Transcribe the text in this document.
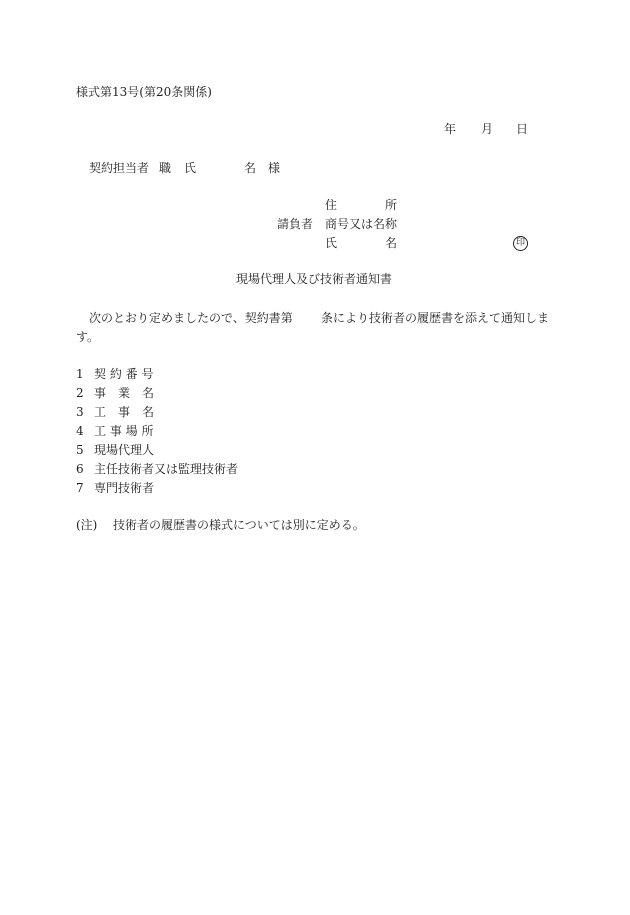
様式第13号(第20条関係)
年 月 日
契約担当者 職 氏	名 様
住	所
請負者 商号又は名称
氏	名	印
現場代理人及び技術者通知書
次のとおり定めましたので、契約書第 条により技術者の履歴書を添えて通知しま
す。
1 契 約 番 号
2 事　業　名
3 工　事　名
4 工 事 場 所
5 現場代理人
6 主任技術者又は監理技術者
7 専門技術者
(注) 技術者の履歴書の様式については別に定める。
